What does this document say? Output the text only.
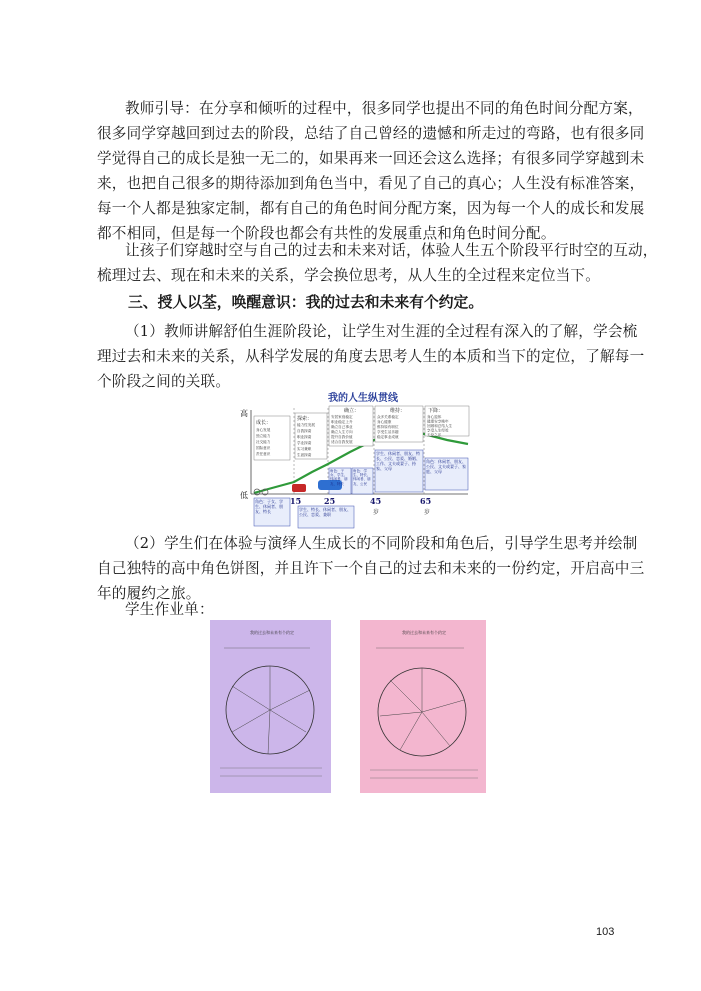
教师引导：在分享和倾听的过程中，很多同学也提出不同的角色时间分配方案，
很多同学穿越回到过去的阶段，总结了自己曾经的遗憾和所走过的弯路，也有很多同
学觉得自己的成长是独一无二的，如果再来一回还会这么选择；有很多同学穿越到未
来，也把自己很多的期待添加到角色当中，看见了自己的真心；人生没有标准答案，
每一个人都是独家定制，都有自己的角色时间分配方案，因为每一个人的成长和发展
都不相同，但是每一个阶段也都会有共性的发展重点和角色时间分配。
让孩子们穿越时空与自己的过去和未来对话，体验人生五个阶段平行时空的互动，
梳理过去、现在和未来的关系，学会换位思考，从人生的全过程来定位当下。
三、授人以荃，唤醒意识：我的过去和未来有个约定。
（1）教师讲解舒伯生涯阶段论，让学生对生涯的全过程有深入的了解，学会梳
理过去和未来的关系，从科学发展的角度去思考人生的本质和当下的定位，了解每一
个阶段之间的关联。
我的人生纵贯线
高
低
15	25	45	65
岁	岁
成长：
探索：
确立：	维持：	下降：
身心发展
独立能力
社交能力
国际意识
责任意识
能力性发展
自我探索
职业探索
学业探索
实习兼职
生涯探索
安居家庭稳定
职业稳定上升
确立自己事业
确立人生方向
提升自我价值
适合自我发展
众多关系稳定
身心健康
维持原有职位
享受生活乐趣
稳定事业成就
身心退休
健康安享晚年
回顾和总结人生
享受人生经验
天伦之乐
角色：子女、学生、休闲者、朋友、特长
角色：学生、特长、休闲者、朋友、公民
学生、休闲者、朋友、特长、公民、恋爱、婚姻、工作、文夫或妻子、持家、父母
角色：休闲者、朋友、公民、文夫或妻子、家庭、父母
角色：子女、学生、休闲者、朋友、特长	学生、特长、休闲者、朋友、公民、恋爱、兼职
（2）学生们在体验与演绎人生成长的不同阶段和角色后，引导学生思考并绘制
自己独特的高中角色饼图，并且许下一个自己的过去和未来的一份约定，开启高中三
年的履约之旅。
学生作业单：
我的过去和未来有个约定	我的过去和未来有个约定
103
